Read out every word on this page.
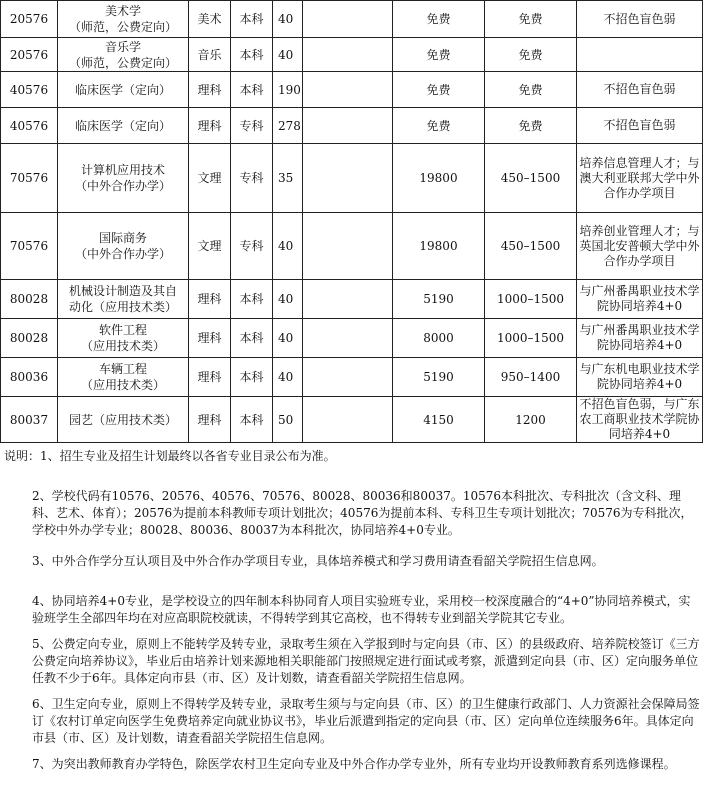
20576	美术学
（师范，公费定向）	美术	本科	40		免费	免费	不招色盲色弱
20576	音乐学
（师范，公费定向）	音乐	本科	40		免费	免费	
40576	临床医学（定向）	理科	本科	190		免费	免费	不招色盲色弱
40576	临床医学（定向）	理科	专科	278		免费	免费	不招色盲色弱
70576	计算机应用技术
（中外合作办学）	文理	专科	35		19800	450–1500	培养信息管理人才；与
澳大利亚联邦大学中外
合作办学项目
70576	国际商务
（中外合作办学）	文理	专科	40		19800	450–1500	培养创业管理人才；与
英国北安普顿大学中外
合作办学项目
80028	机械设计制造及其自
动化（应用技术类）	理科	本科	40		5190	1000–1500	与广州番禺职业技术学
院协同培养4+0
80028	软件工程
（应用技术类）	理科	本科	40		8000	1000–1500	与广州番禺职业技术学
院协同培养4+0
80036	车辆工程
（应用技术类）	理科	本科	40		5190	950–1400	与广东机电职业技术学
院协同培养4+0
80037	园艺（应用技术类）	理科	本科	50		4150	1200	不招色盲色弱，与广东
农工商职业技术学院协
同培养4+0

说明：1、招生专业及招生计划最终以各省专业目录公布为准。

2、学校代码有10576、20576、40576、70576、80028、80036和80037。10576本科批次、专科批次（含文科、理科、艺术、体育）；20576为提前本科教师专项计划批次；40576为提前本科、专科卫生专项计划批次；70576为专科批次，学校中外办学专业；80028、80036、80037为本科批次，协同培养4+0专业。

3、中外合作学分互认项目及中外合作办学项目专业，具体培养模式和学习费用请查看韶关学院招生信息网。

4、协同培养4+0专业，是学校设立的四年制本科协同育人项目实验班专业，采用校一校深度融合的“4+0”协同培养模式，实验班学生全部四年均在对应高职院校就读，不得转学到其它高校，也不得转专业到韶关学院其它专业。

5、公费定向专业，原则上不能转学及转专业，录取考生须在入学报到时与定向县（市、区）的县级政府、培养院校签订《三方公费定向培养协议》，毕业后由培养计划来源地相关职能部门按照规定进行面试或考察，派遣到定向县（市、区）定向服务单位任教不少于6年。具体定向市县（市、区）及计划数，请查看韶关学院招生信息网。

6、卫生定向专业，原则上不得转学及转专业，录取考生须与与定向县（市、区）的卫生健康行政部门、人力资源社会保障局签订《农村订单定向医学生免费培养定向就业协议书》，毕业后派遣到指定的定向县（市、区）定向单位连续服务6年。具体定向市县（市、区）及计划数，请查看韶关学院招生信息网。

7、为突出教师教育办学特色，除医学农村卫生定向专业及中外合作办学专业外，所有专业均开设教师教育系列选修课程。
